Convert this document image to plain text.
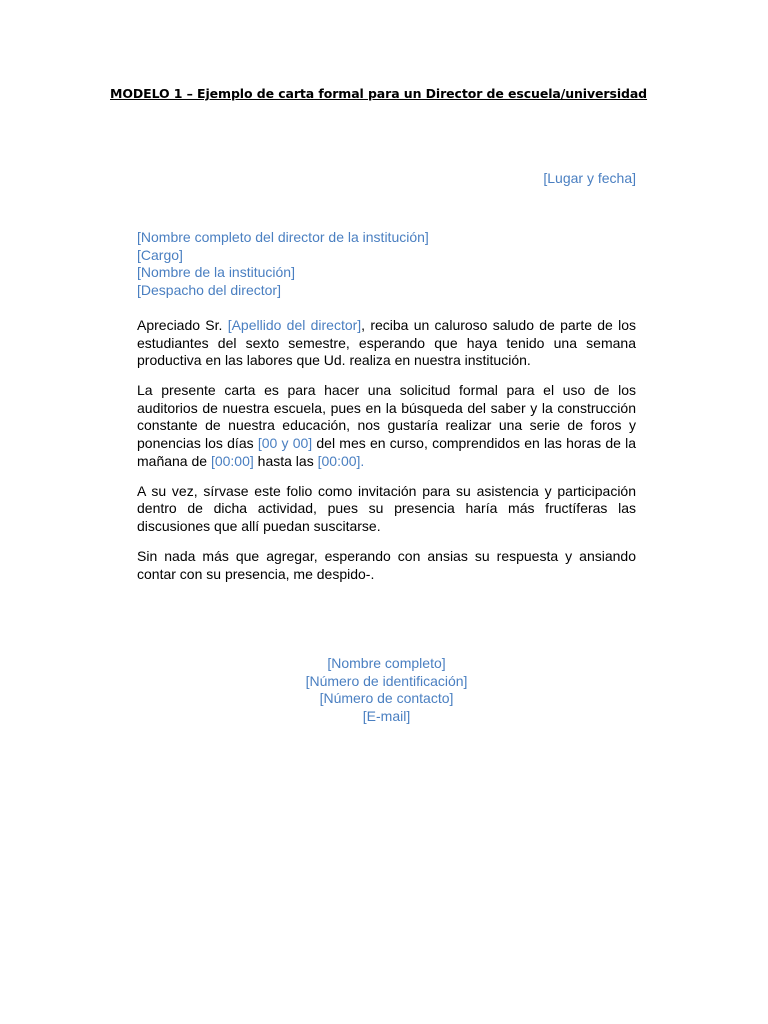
MODELO 1 – Ejemplo de carta formal para un Director de escuela/universidad
[Lugar y fecha]
[Nombre completo del director de la institución]
[Cargo]
[Nombre de la institución]
[Despacho del director]

Apreciado Sr. [Apellido del director], reciba un caluroso saludo de parte de los estudiantes del sexto semestre, esperando que haya tenido una semana productiva en las labores que Ud. realiza en nuestra institución.

La presente carta es para hacer una solicitud formal para el uso de los auditorios de nuestra escuela, pues en la búsqueda del saber y la construcción constante de nuestra educación, nos gustaría realizar una serie de foros y ponencias los días [00 y 00] del mes en curso, comprendidos en las horas de la mañana de [00:00] hasta las [00:00].

A su vez, sírvase este folio como invitación para su asistencia y participación dentro de dicha actividad, pues su presencia haría más fructíferas las discusiones que allí puedan suscitarse.

Sin nada más que agregar, esperando con ansias su respuesta y ansiando contar con su presencia, me despido-.

[Nombre completo]
[Número de identificación]
[Número de contacto]
[E-mail]
